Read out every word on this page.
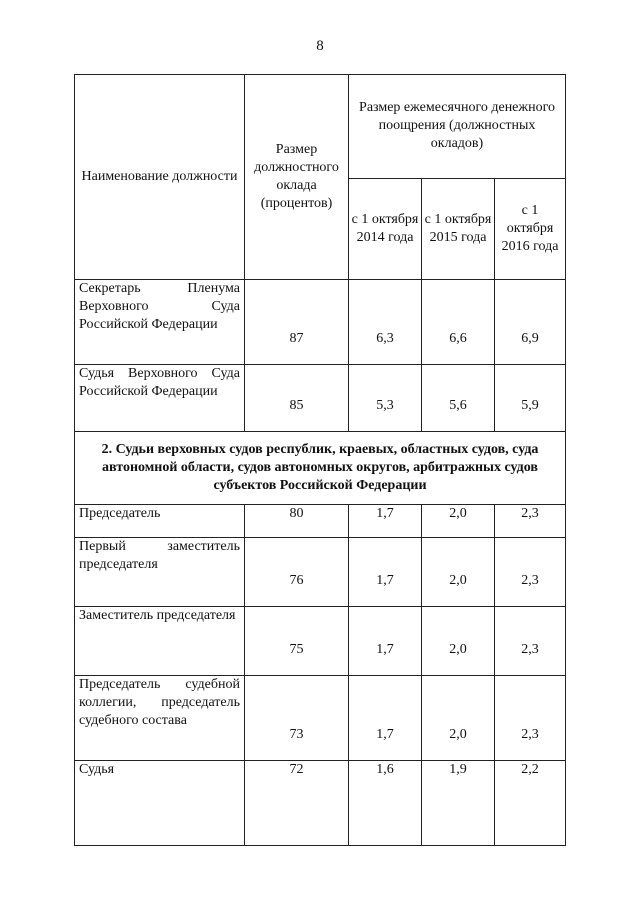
8
Наименование должности	Размер должностного оклада (процентов)	Размер ежемесячного денежного поощрения (должностных окладов)		
		с 1 октября 2014 года	с 1 октября 2015 года	с 1 октября 2016 года
Секретарь Пленума Верховного Суда Российской Федерации	87	6,3	6,6	6,9
Судья Верховного Суда Российской Федерации	85	5,3	5,6	5,9
2. Судьи верховных судов республик, краевых, областных судов, суда автономной области, судов автономных округов, арбитражных судов субъектов Российской Федерации				
Председатель	80	1,7	2,0	2,3
Первый заместитель председателя	76	1,7	2,0	2,3
Заместитель председателя	75	1,7	2,0	2,3
Председатель судебной коллегии, председатель судебного состава	73	1,7	2,0	2,3
Судья	72	1,6	1,9	2,2
